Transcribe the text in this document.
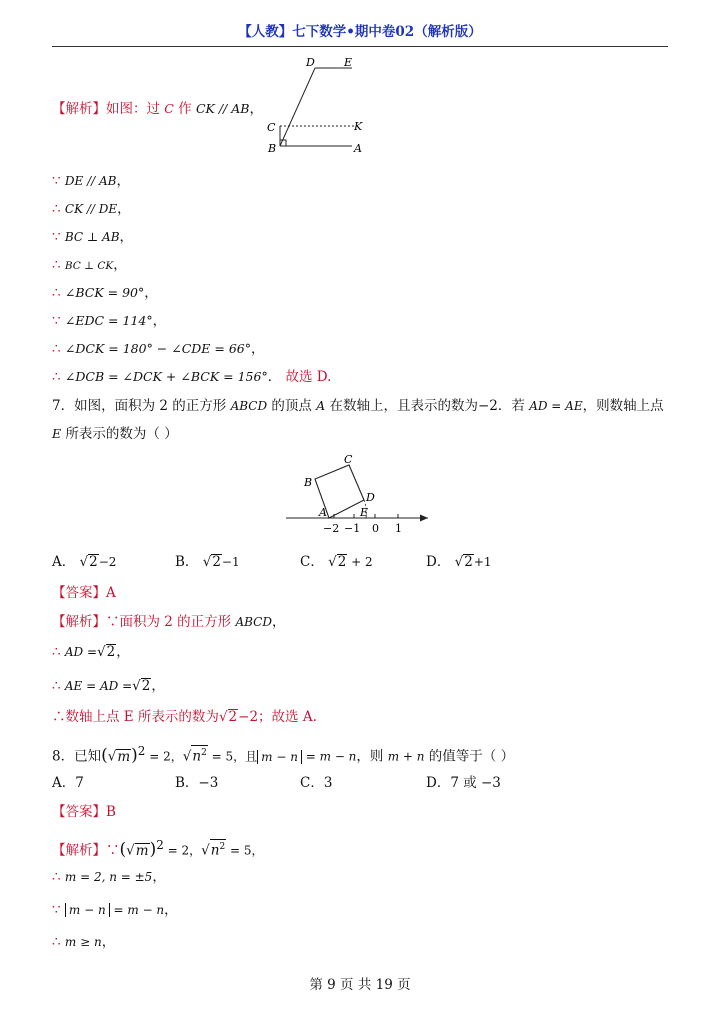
【人教】七下数学•期中卷02（解析版）
D	E
C	K
B	A
【解析】如图：过 C 作 CK // AB，
∵ DE // AB，
∴ CK // DE，
∵ BC ⊥ AB，
∴ BC ⊥ CK，
∴ ∠BCK = 90°，
∵ ∠EDC = 114°，
∴ ∠DCK = 180° − ∠CDE = 66°，
∴ ∠DCB = ∠DCK + ∠BCK = 156°． 故选 D.
7．如图，面积为 2 的正方形 ABCD 的顶点 A 在数轴上，且表示的数为−2．若 AD = AE，则数轴上点
E 所表示的数为（ ）
B
C
D
A	E
−2 −1 0 1
A． √2−2	B． √2−1	C． √2 + 2	D． √2+1
【答案】A
【解析】∵面积为 2 的正方形 ABCD，
∴ AD =√2，
∴ AE = AD =√2，
∴数轴上点 E 所表示的数为√2−2；故选 A.
8．已知$(√m)^2 = 2$，$√n^2 = 5$，且 m − n = m − n，则 m + n 的值等于（ ）
A．7	B．−3	C．3	D．7 或 −3
【答案】B
【解析】$\because(√m)^2 = 2$，$√n^2 = 5$，
∴ m = 2, n = ±5，
∵ m − n = m − n，
∴ m ≥ n，
第 9 页 共 19 页
